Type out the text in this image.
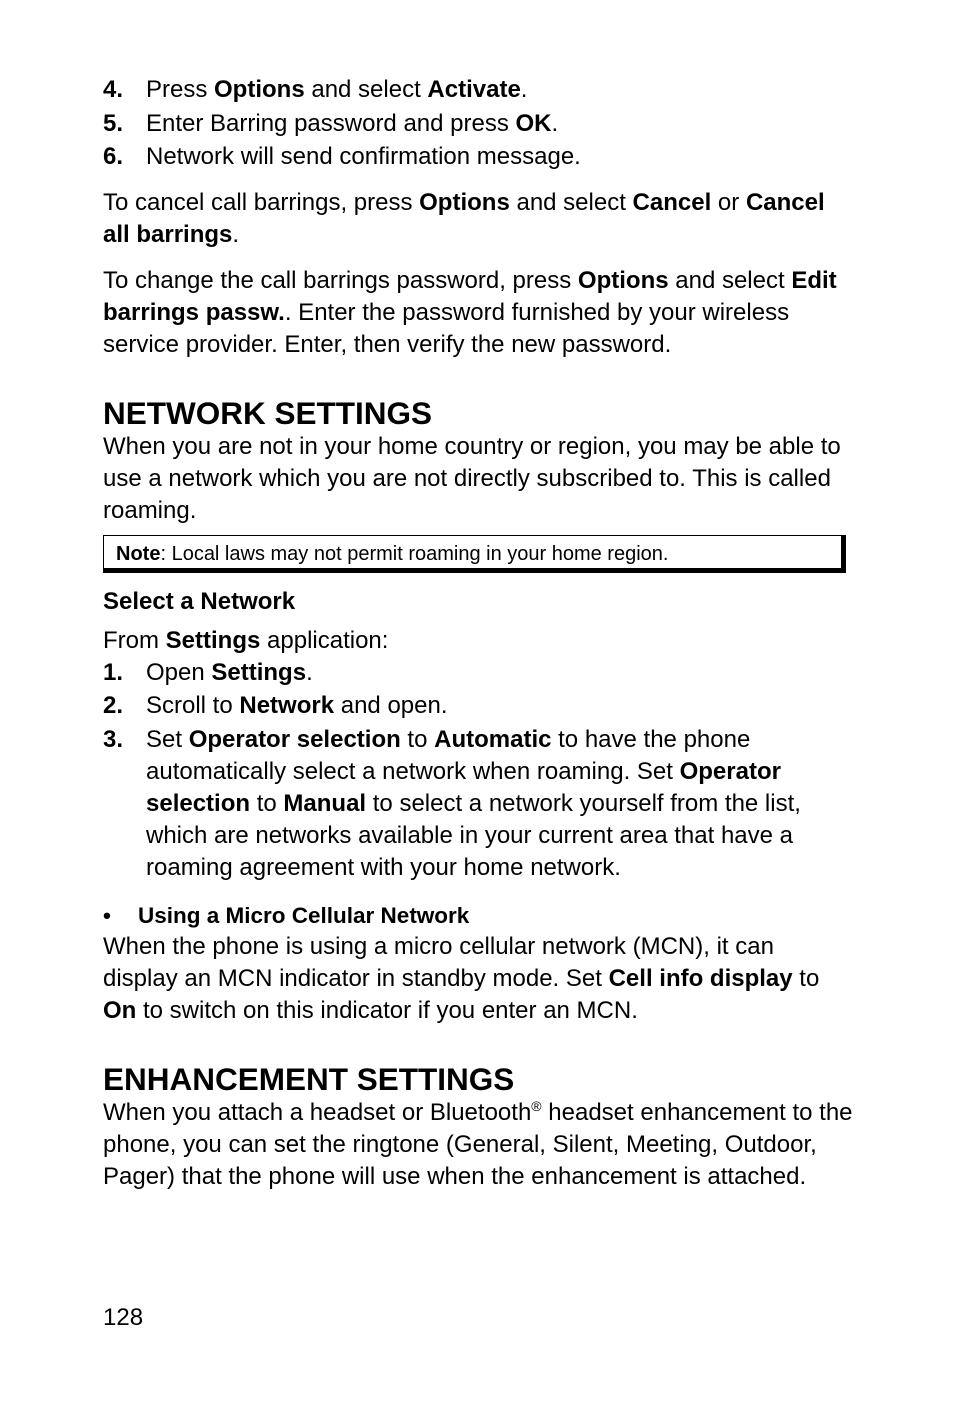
4. Press Options and select Activate.
5. Enter Barring password and press OK.
6. Network will send confirmation message.

To cancel call barrings, press Options and select Cancel or Cancel all barrings.

To change the call barrings password, press Options and select Edit barrings passw.. Enter the password furnished by your wireless service provider. Enter, then verify the new password.

NETWORK SETTINGS

When you are not in your home country or region, you may be able to use a network which you are not directly subscribed to. This is called roaming.

Note: Local laws may not permit roaming in your home region.
Select a Network

From Settings application:

1. Open Settings.
2. Scroll to Network and open.
3. Set Operator selection to Automatic to have the phone automatically select a network when roaming. Set Operator selection to Manual to select a network yourself from the list, which are networks available in your current area that have a roaming agreement with your home network.
•	Using a Micro Cellular Network

When the phone is using a micro cellular network (MCN), it can display an MCN indicator in standby mode. Set Cell info display to On to switch on this indicator if you enter an MCN.

ENHANCEMENT SETTINGS

When you attach a headset or Bluetooth® headset enhancement to the phone, you can set the ringtone (General, Silent, Meeting, Outdoor, Pager) that the phone will use when the enhancement is attached.

128
